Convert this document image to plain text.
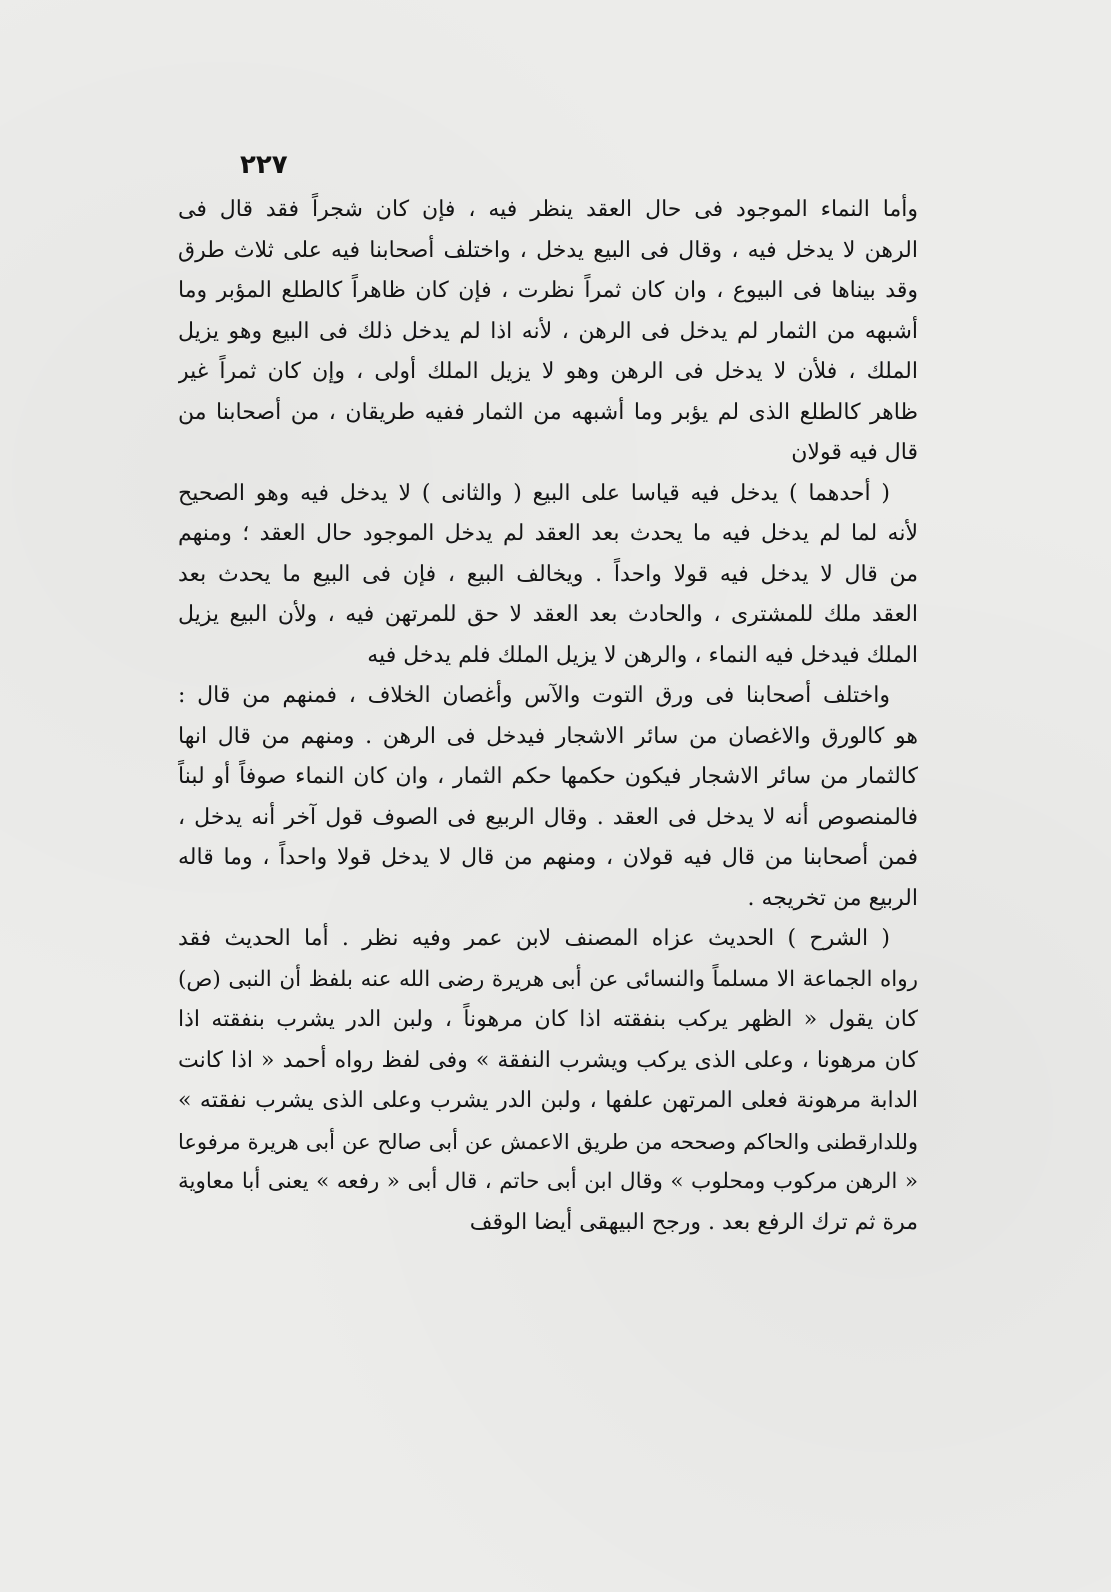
٢٢٧
وأما النماء الموجود فى حال العقد ينظر فيه ، فإن كان شجراً فقد قال فى
الرهن لا يدخل فيه ، وقال فى البيع يدخل ، واختلف أصحابنا فيه على ثلاث طرق
وقد بيناها فى البيوع ، وان كان ثمراً نظرت ، فإن كان ظاهراً كالطلع المؤبر وما
أشبهه من الثمار لم يدخل فى الرهن ، لأنه اذا لم يدخل ذلك فى البيع وهو يزيل
الملك ، فلأن لا يدخل فى الرهن وهو لا يزيل الملك أولى ، وإن كان ثمراً غير
ظاهر كالطلع الذى لم يؤبر وما أشبهه من الثمار ففيه طريقان ، من أصحابنا من
قال فيه قولان
( أحدهما ) يدخل فيه قياسا على البيع ( والثانى ) لا يدخل فيه وهو الصحيح
لأنه لما لم يدخل فيه ما يحدث بعد العقد لم يدخل الموجود حال العقد ؛ ومنهم
من قال لا يدخل فيه قولا واحداً . ويخالف البيع ، فإن فى البيع ما يحدث بعد
العقد ملك للمشترى ، والحادث بعد العقد لا حق للمرتهن فيه ، ولأن البيع يزيل
الملك فيدخل فيه النماء ، والرهن لا يزيل الملك فلم يدخل فيه
واختلف أصحابنا فى ورق التوت والآس وأغصان الخلاف ، فمنهم من قال :
هو كالورق والاغصان من سائر الاشجار فيدخل فى الرهن . ومنهم من قال انها
كالثمار من سائر الاشجار فيكون حكمها حكم الثمار ، وان كان النماء صوفاً أو لبناً
فالمنصوص أنه لا يدخل فى العقد . وقال الربيع فى الصوف قول آخر أنه يدخل ،
فمن أصحابنا من قال فيه قولان ، ومنهم من قال لا يدخل قولا واحداً ، وما قاله
الربيع من تخريجه .
( الشرح ) الحديث عزاه المصنف لابن عمر وفيه نظر . أما الحديث فقد
رواه الجماعة الا مسلماً والنسائى عن أبى هريرة رضى الله عنه بلفظ أن النبى (ص)
كان يقول « الظهر يركب بنفقته اذا كان مرهوناً ، ولبن الدر يشرب بنفقته اذا
كان مرهونا ، وعلى الذى يركب ويشرب النفقة » وفى لفظ رواه أحمد « اذا كانت
الدابة مرهونة فعلى المرتهن علفها ، ولبن الدر يشرب وعلى الذى يشرب نفقته »
وللدارقطنى والحاكم وصححه من طريق الاعمش عن أبى صالح عن أبى هريرة مرفوعا
« الرهن مركوب ومحلوب » وقال ابن أبى حاتم ، قال أبى « رفعه » يعنى أبا معاوية
مرة ثم ترك الرفع بعد . ورجح البيهقى أيضا الوقف
